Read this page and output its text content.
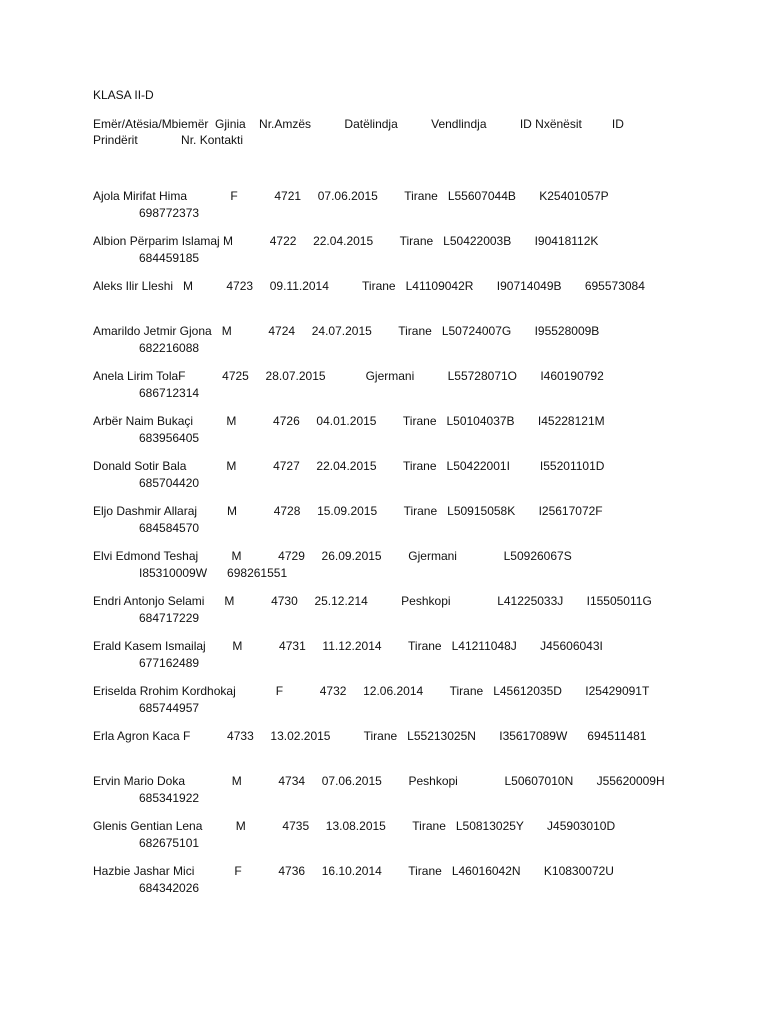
KLASA II-D
Emër/Atësia/Mbiemër  Gjinia    Nr.Amzës          Datëlindja          Vendlindja          ID Nxënësit         ID
Prindërit             Nr. Kontakti
Ajola Mirifat Hima             F           4721     07.06.2015        Tirane   L55607044B       K25401057P
698772373
Albion Përparim Islamaj M           4722     22.04.2015        Tirane   L50422003B       I90418112K
684459185
Aleks Ilir Lleshi   M          4723     09.11.2014          Tirane   L41109042R       I90714049B       695573084
Amarildo Jetmir Gjona   M           4724     24.07.2015        Tirane   L50724007G       I95528009B
682216088
Anela Lirim TolaF           4725     28.07.2015            Gjermani          L55728071O       I460190792
686712314
Arbër Naim Bukaçi          M           4726     04.01.2015        Tirane   L50104037B       I45228121M
683956405
Donald Sotir Bala            M           4727     22.04.2015        Tirane   L50422001I         I55201101D
685704420
Eljo Dashmir Allaraj         M           4728     15.09.2015        Tirane   L50915058K       I25617072F
684584570
Elvi Edmond Teshaj          M           4729     26.09.2015        Gjermani              L50926067S
I85310009W      698261551
Endri Antonjo Selami      M           4730     25.12.214          Peshkopi              L41225033J       I15505011G
684717229
Erald Kasem Ismailaj        M           4731     11.12.2014        Tirane   L41211048J       J45606043I
677162489
Eriselda Rrohim Kordhokaj            F           4732     12.06.2014        Tirane   L45612035D       I25429091T
685744957
Erla Agron Kaca F           4733     13.02.2015          Tirane   L55213025N       I35617089W      694511481
Ervin Mario Doka              M           4734     07.06.2015        Peshkopi              L50607010N       J55620009H
685341922
Glenis Gentian Lena          M           4735     13.08.2015        Tirane   L50813025Y       J45903010D
682675101
Hazbie Jashar Mici            F           4736     16.10.2014        Tirane   L46016042N       K10830072U
684342026
